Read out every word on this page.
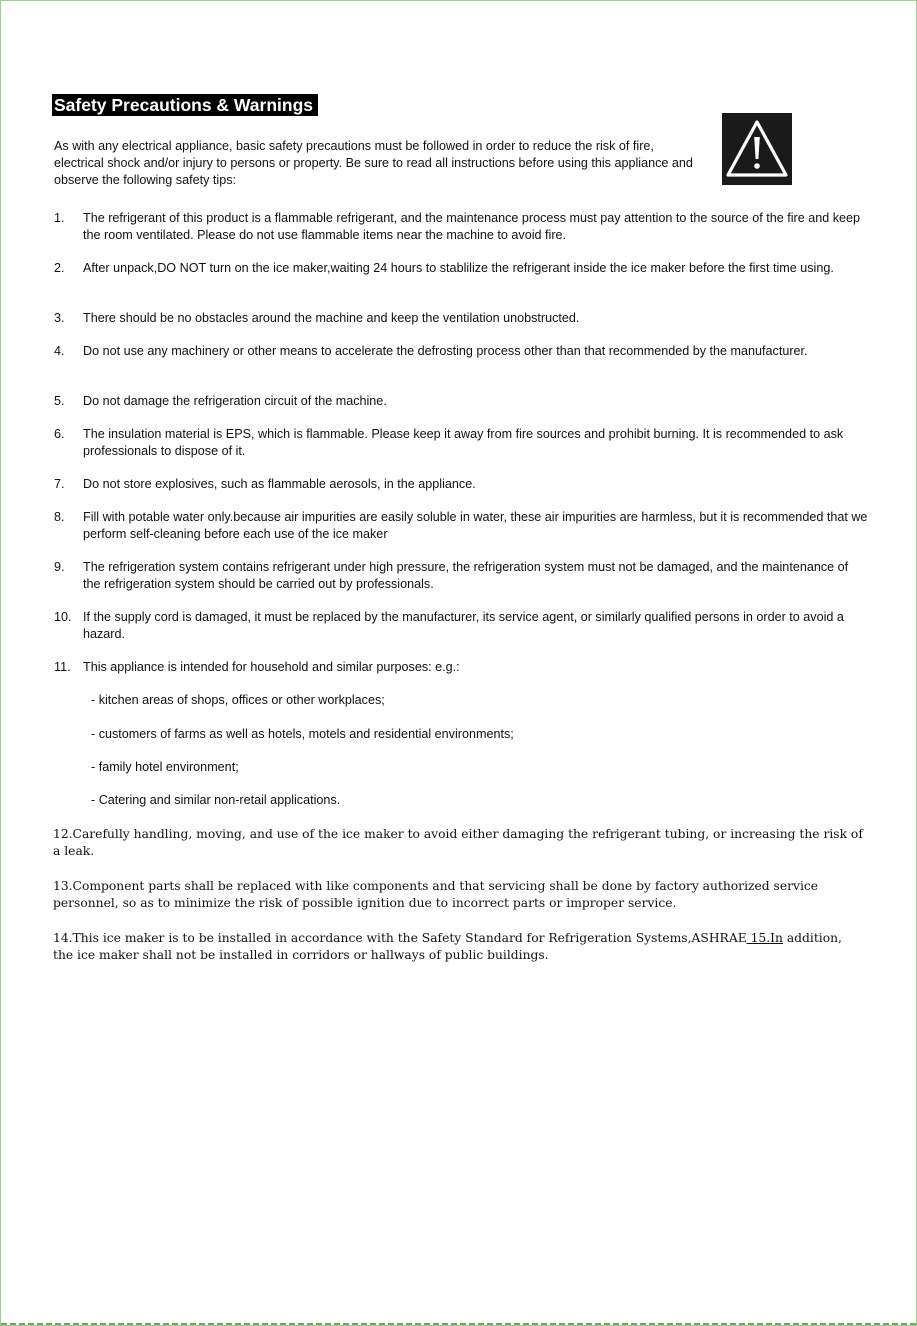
Safety Precautions & Warnings
As with any electrical appliance, basic safety precautions must be followed in order to reduce the risk of fire, electrical shock and/or injury to persons or property. Be sure to read all instructions before using this appliance and observe the following safety tips:
1. The refrigerant of this product is a flammable refrigerant, and the maintenance process must pay attention to the source of the fire and keep the room ventilated. Please do not use flammable items near the machine to avoid fire.
2. After unpack,DO NOT turn on the ice maker,waiting 24 hours to stablilize the refrigerant inside the ice maker before the first time using.
3. There should be no obstacles around the machine and keep the ventilation unobstructed.
4. Do not use any machinery or other means to accelerate the defrosting process other than that recommended by the manufacturer.
5. Do not damage the refrigeration circuit of the machine.
6. The insulation material is EPS, which is flammable. Please keep it away from fire sources and prohibit burning. It is recommended to ask professionals to dispose of it.
7. Do not store explosives, such as flammable aerosols, in the appliance.
8. Fill with potable water only.because air impurities are easily soluble in water, these air impurities are harmless, but it is recommended that we perform self-cleaning before each use of the ice maker
9. The refrigeration system contains refrigerant under high pressure, the refrigeration system must not be damaged, and the maintenance of the refrigeration system should be carried out by professionals.
10. If the supply cord is damaged, it must be replaced by the manufacturer, its service agent, or similarly qualified persons in order to avoid a hazard.
11. This appliance is intended for household and similar purposes: e.g.:
- kitchen areas of shops, offices or other workplaces;
- customers of farms as well as hotels, motels and residential environments;
- family hotel environment;
- Catering and similar non-retail applications.
12.Carefully handling, moving, and use of the ice maker to avoid either damaging the refrigerant tubing, or increasing the risk of a leak.
13.Component parts shall be replaced with like components and that servicing shall be done by factory authorized service personnel, so as to minimize the risk of possible ignition due to incorrect parts or improper service.
14.This ice maker is to be installed in accordance with the Safety Standard for Refrigeration Systems,ASHRAE 15.In addition, the ice maker shall not be installed in corridors or hallways of public buildings.
